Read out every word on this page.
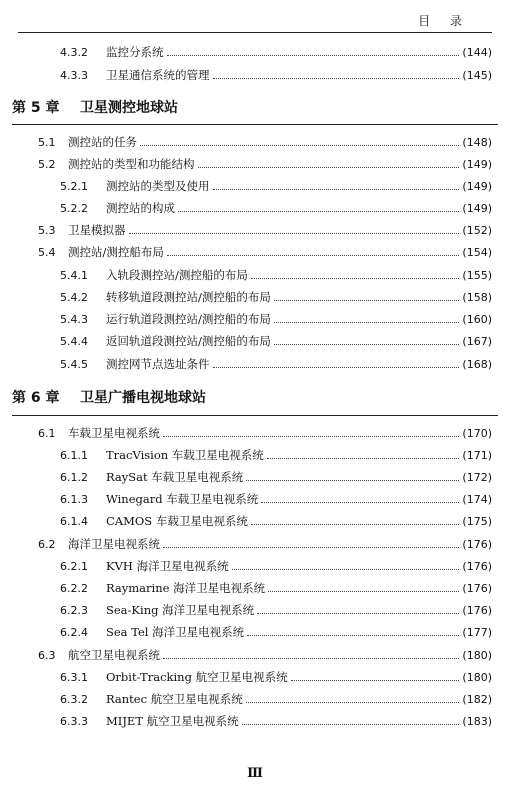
目 录
4.3.2	监控分系统	(144)
4.3.3	卫星通信系统的管理	(145)
第 5 章	卫星测控地球站
5.1	测控站的任务	(148)
5.2	测控站的类型和功能结构	(149)
5.2.1	测控站的类型及使用	(149)
5.2.2	测控站的构成	(149)
5.3	卫星模拟器	(152)
5.4	测控站/测控船布局	(154)
5.4.1	入轨段测控站/测控船的布局	(155)
5.4.2	转移轨道段测控站/测控船的布局	(158)
5.4.3	运行轨道段测控站/测控船的布局	(160)
5.4.4	返回轨道段测控站/测控船的布局	(167)
5.4.5	测控网节点选址条件	(168)
第 6 章	卫星广播电视地球站
6.1	车载卫星电视系统	(170)
6.1.1	TracVision 车载卫星电视系统	(171)
6.1.2	RaySat 车载卫星电视系统	(172)
6.1.3	Winegard 车载卫星电视系统	(174)
6.1.4	CAMOS 车载卫星电视系统	(175)
6.2	海洋卫星电视系统	(176)
6.2.1	KVH 海洋卫星电视系统	(176)
6.2.2	Raymarine 海洋卫星电视系统	(176)
6.2.3	Sea-King 海洋卫星电视系统	(176)
6.2.4	Sea Tel 海洋卫星电视系统	(177)
6.3	航空卫星电视系统	(180)
6.3.1	Orbit-Tracking 航空卫星电视系统	(180)
6.3.2	Rantec 航空卫星电视系统	(182)
6.3.3	MIJET 航空卫星电视系统	(183)
Ⅲ
